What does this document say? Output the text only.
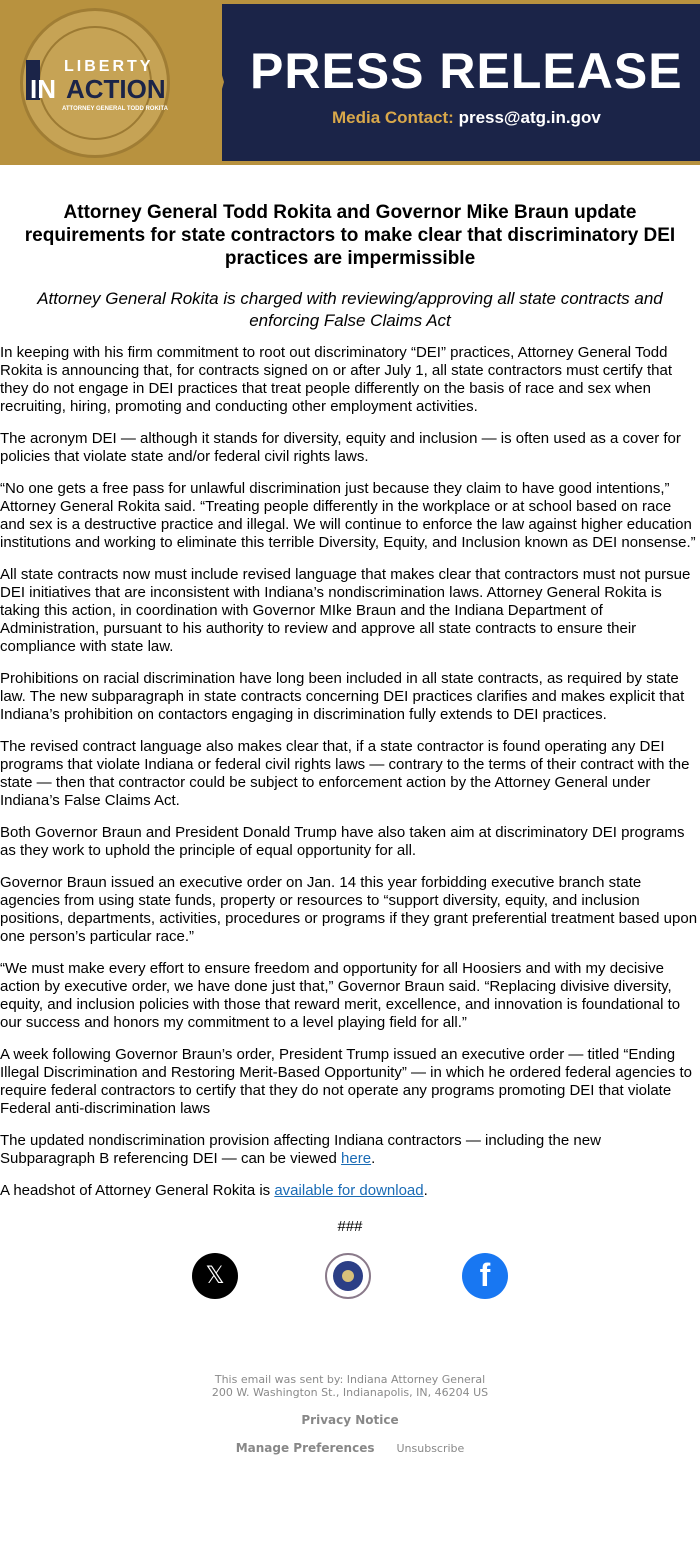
LIBERTY
IN ACTION
ATTORNEY GENERAL TODD ROKITA
PRESS RELEASE
Media Contact: press@atg.in.gov
Attorney General Todd Rokita and Governor Mike Braun update requirements for state contractors to make clear that discriminatory DEI practices are impermissible

Attorney General Rokita is charged with reviewing/approving all state contracts and enforcing False Claims Act

In keeping with his firm commitment to root out discriminatory “DEI” practices, Attorney General Todd Rokita is announcing that, for contracts signed on or after July 1, all state contractors must certify that they do not engage in DEI practices that treat people differently on the basis of race and sex when recruiting, hiring, promoting and conducting other employment activities.

The acronym DEI — although it stands for diversity, equity and inclusion — is often used as a cover for policies that violate state and/or federal civil rights laws.

“No one gets a free pass for unlawful discrimination just because they claim to have good intentions,” Attorney General Rokita said. “Treating people differently in the workplace or at school based on race and sex is a destructive practice and illegal. We will continue to enforce the law against higher education institutions and working to eliminate this terrible Diversity, Equity, and Inclusion known as DEI nonsense.”

All state contracts now must include revised language that makes clear that contractors must not pursue DEI initiatives that are inconsistent with Indiana’s nondiscrimination laws. Attorney General Rokita is taking this action, in coordination with Governor MIke Braun and the Indiana Department of Administration, pursuant to his authority to review and approve all state contracts to ensure their compliance with state law.

Prohibitions on racial discrimination have long been included in all state contracts, as required by state law. The new subparagraph in state contracts concerning DEI practices clarifies and makes explicit that Indiana’s prohibition on contactors engaging in discrimination fully extends to DEI practices.

The revised contract language also makes clear that, if a state contractor is found operating any DEI programs that violate Indiana or federal civil rights laws — contrary to the terms of their contract with the state — then that contractor could be subject to enforcement action by the Attorney General under Indiana’s False Claims Act.

Both Governor Braun and President Donald Trump have also taken aim at discriminatory DEI programs as they work to uphold the principle of equal opportunity for all.

Governor Braun issued an executive order on Jan. 14 this year forbidding executive branch state agencies from using state funds, property or resources to “support diversity, equity, and inclusion positions, departments, activities, procedures or programs if they grant preferential treatment based upon one person’s particular race.”

“We must make every effort to ensure freedom and opportunity for all Hoosiers and with my decisive action by executive order, we have done just that,” Governor Braun said. “Replacing divisive diversity, equity, and inclusion policies with those that reward merit, excellence, and innovation is foundational to our success and honors my commitment to a level playing field for all.”

A week following Governor Braun’s order, President Trump issued an executive order — titled “Ending Illegal Discrimination and Restoring Merit-Based Opportunity” — in which he ordered federal agencies to require federal contractors to certify that they do not operate any programs promoting DEI that violate Federal anti-discrimination laws

The updated nondiscrimination provision affecting Indiana contractors — including the new Subparagraph B referencing DEI — can be viewed here.

A headshot of Attorney General Rokita is available for download.

###
𝕏	f
This email was sent by: Indiana Attorney General
200 W. Washington St., Indianapolis, IN, 46204 US
Privacy Notice
Manage Preferences Unsubscribe
